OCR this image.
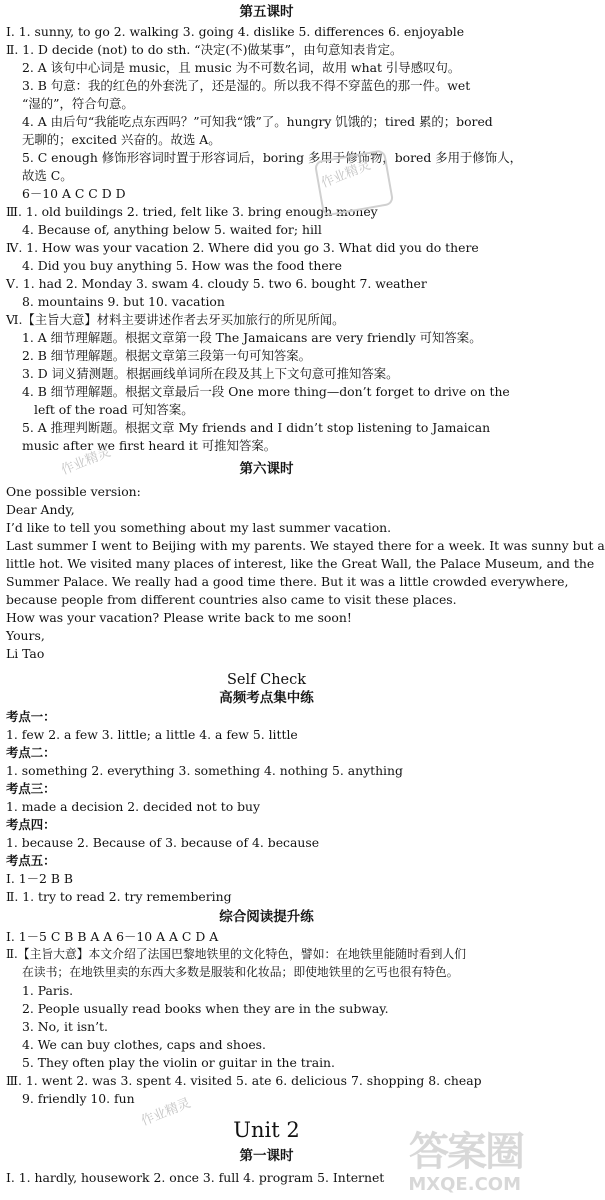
第五课时
Ⅰ. 1. sunny, to go 2. walking 3. going 4. dislike 5. differences 6. enjoyable
Ⅱ. 1. D decide (not) to do sth. “决定(不)做某事”，由句意知表肯定。
2. A 该句中心词是 music，且 music 为不可数名词，故用 what 引导感叹句。
3. B 句意：我的红色的外套洗了，还是湿的。所以我不得不穿蓝色的那一件。wet
“湿的”，符合句意。
4. A 由后句“我能吃点东西吗？”可知我“饿”了。hungry 饥饿的；tired 累的；bored
无聊的；excited 兴奋的。故选 A。
5. C enough 修饰形容词时置于形容词后，boring 多用于修饰物，bored 多用于修饰人，
故选 C。
6－10 A C C D D
Ⅲ. 1. old buildings 2. tried, felt like 3. bring enough money
4. Because of, anything below 5. waited for; hill
Ⅳ. 1. How was your vacation 2. Where did you go 3. What did you do there
4. Did you buy anything 5. How was the food there
Ⅴ. 1. had 2. Monday 3. swam 4. cloudy 5. two 6. bought 7. weather
8. mountains 9. but 10. vacation
Ⅵ.【主旨大意】材料主要讲述作者去牙买加旅行的所见所闻。
1. A 细节理解题。根据文章第一段 The Jamaicans are very friendly 可知答案。
2. B 细节理解题。根据文章第三段第一句可知答案。
3. D 词义猜测题。根据画线单词所在段及其上下文句意可推知答案。
4. B 细节理解题。根据文章最后一段 One more thing—don’t forget to drive on the
left of the road 可知答案。
5. A 推理判断题。根据文章 My friends and I didn’t stop listening to Jamaican
music after we first heard it 可推知答案。
第六课时
One possible version:
Dear Andy,
I’d like to tell you something about my last summer vacation.
Last summer I went to Beijing with my parents. We stayed there for a week. It was sunny but a
little hot. We visited many places of interest, like the Great Wall, the Palace Museum, and the
Summer Palace. We really had a good time there. But it was a little crowded everywhere,
because people from different countries also came to visit these places.
How was your vacation? Please write back to me soon!
Yours,
Li Tao
Self Check
高频考点集中练
考点一：
1. few 2. a few 3. little; a little 4. a few 5. little
考点二：
1. something 2. everything 3. something 4. nothing 5. anything
考点三：
1. made a decision 2. decided not to buy
考点四：
1. because 2. Because of 3. because of 4. because
考点五：
Ⅰ. 1－2 B B
Ⅱ. 1. try to read 2. try remembering
综合阅读提升练
Ⅰ. 1－5 C B B A A 6－10 A A C D A
Ⅱ.【主旨大意】本文介绍了法国巴黎地铁里的文化特色，譬如：在地铁里能随时看到人们
在读书；在地铁里卖的东西大多数是服装和化妆品；即使地铁里的乞丐也很有特色。
1. Paris.
2. People usually read books when they are in the subway.
3. No, it isn’t.
4. We can buy clothes, caps and shoes.
5. They often play the violin or guitar in the train.
Ⅲ. 1. went 2. was 3. spent 4. visited 5. ate 6. delicious 7. shopping 8. cheap
9. friendly 10. fun
Unit 2
第一课时
Ⅰ. 1. hardly, housework 2. once 3. full 4. program 5. Internet
作业精灵
作业精灵
作业精灵
答案圈
MXQE.COM
